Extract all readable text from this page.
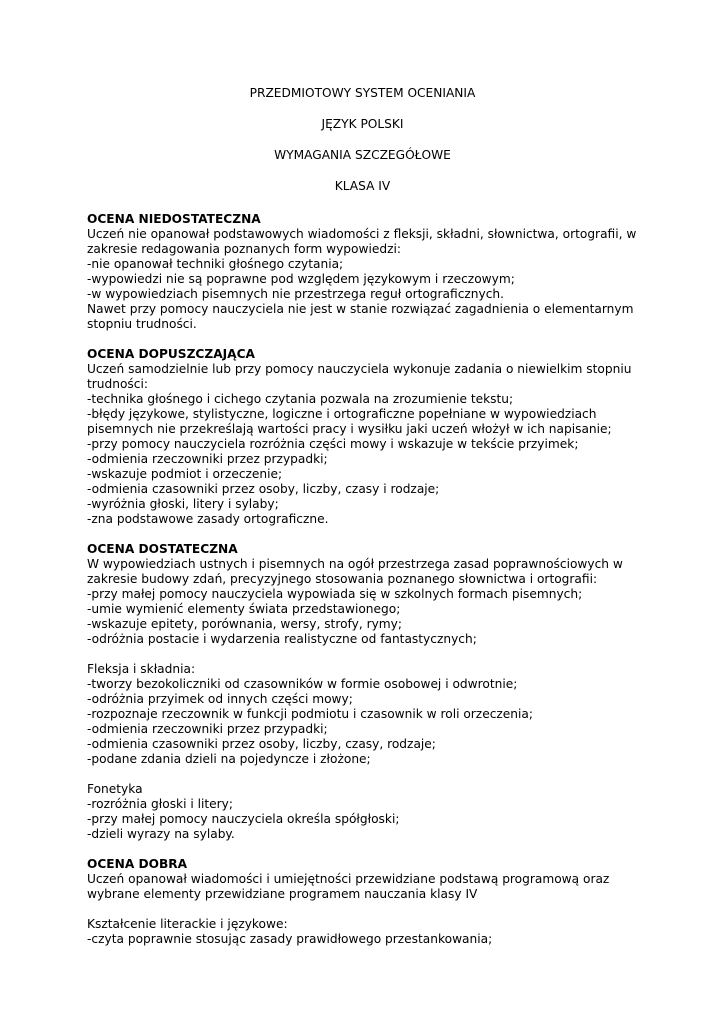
PRZEDMIOTOWY SYSTEM OCENIANIA
JĘZYK POLSKI
WYMAGANIA SZCZEGÓŁOWE
KLASA IV
OCENA NIEDOSTATECZNA
Uczeń nie opanował podstawowych wiadomości z fleksji, składni, słownictwa, ortografii, w
zakresie redagowania poznanych form wypowiedzi:
-nie opanował techniki głośnego czytania;
-wypowiedzi nie są poprawne pod względem językowym i rzeczowym;
-w wypowiedziach pisemnych nie przestrzega reguł ortograficznych.
Nawet przy pomocy nauczyciela nie jest w stanie rozwiązać zagadnienia o elementarnym
stopniu trudności.
OCENA DOPUSZCZAJĄCA
Uczeń samodzielnie lub przy pomocy nauczyciela wykonuje zadania o niewielkim stopniu
trudności:
-technika głośnego i cichego czytania pozwala na zrozumienie tekstu;
-błędy językowe, stylistyczne, logiczne i ortograficzne popełniane w wypowiedziach
pisemnych nie przekreślają wartości pracy i wysiłku jaki uczeń włożył w ich napisanie;
-przy pomocy nauczyciela rozróżnia części mowy i wskazuje w tekście przyimek;
-odmienia rzeczowniki przez przypadki;
-wskazuje podmiot i orzeczenie;
-odmienia czasowniki przez osoby, liczby, czasy i rodzaje;
-wyróżnia głoski, litery i sylaby;
-zna podstawowe zasady ortograficzne.
OCENA DOSTATECZNA
W wypowiedziach ustnych i pisemnych na ogół przestrzega zasad poprawnościowych w
zakresie budowy zdań, precyzyjnego stosowania poznanego słownictwa i ortografii:
-przy małej pomocy nauczyciela wypowiada się w szkolnych formach pisemnych;
-umie wymienić elementy świata przedstawionego;
-wskazuje epitety, porównania, wersy, strofy, rymy;
-odróżnia postacie i wydarzenia realistyczne od fantastycznych;
Fleksja i składnia:
-tworzy bezokoliczniki od czasowników w formie osobowej i odwrotnie;
-odróżnia przyimek od innych części mowy;
-rozpoznaje rzeczownik w funkcji podmiotu i czasownik w roli orzeczenia;
-odmienia rzeczowniki przez przypadki;
-odmienia czasowniki przez osoby, liczby, czasy, rodzaje;
-podane zdania dzieli na pojedyncze i złożone;
Fonetyka
-rozróżnia głoski i litery;
-przy małej pomocy nauczyciela określa spółgłoski;
-dzieli wyrazy na sylaby.
OCENA DOBRA
Uczeń opanował wiadomości i umiejętności przewidziane podstawą programową oraz
wybrane elementy przewidziane programem nauczania klasy IV
Kształcenie literackie i językowe:
-czyta poprawnie stosując zasady prawidłowego przestankowania;
